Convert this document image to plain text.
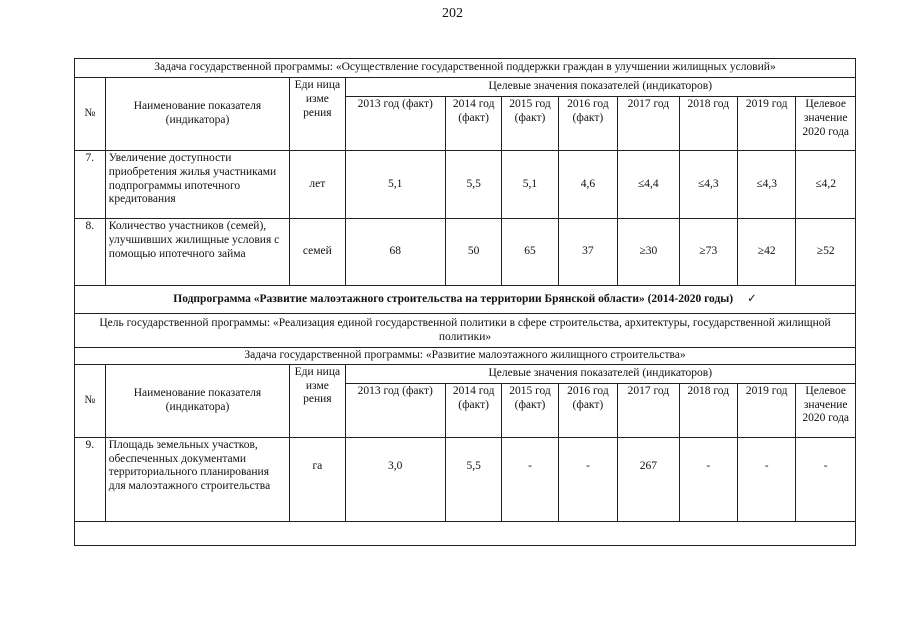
202
Задача государственной программы: «Осуществление государственной поддержки граждан в улучшении жилищных условий»										
№	Наименование показателя (индикатора)	Еди ница изме рения	Целевые значения показателей (индикаторов)							
			2013 год (факт)	2014 год (факт)	2015 год (факт)	2016 год (факт)	2017 год	2018 год	2019 год	Целевое значение 2020 года
7.	Увеличение доступности приобретения жилья участниками подпрограммы ипотечного кредитования	лет	5,1	5,5	5,1	4,6	≤4,4	≤4,3	≤4,3	≤4,2
8.	Количество участников (семей), улучшивших жилищные условия с помощью ипотечного займа	семей	68	50	65	37	≥30	≥73	≥42	≥52
Подпрограмма «Развитие малоэтажного строительства на территории Брянской области» (2014-2020 годы) ✓										
Цель государственной программы: «Реализация единой государственной политики в сфере строительства, архитектуры, государственной жилищной политики»										
Задача государственной программы: «Развитие малоэтажного жилищного строительства»										
№	Наименование показателя (индикатора)	Еди ница изме рения	Целевые значения показателей (индикаторов)							
			2013 год (факт)	2014 год (факт)	2015 год (факт)	2016 год (факт)	2017 год	2018 год	2019 год	Целевое значение 2020 года
9.	Площадь земельных участков, обеспеченных документами территориального планирования для малоэтажного строительства	га	3,0	5,5	-	-	267	-	-	-
